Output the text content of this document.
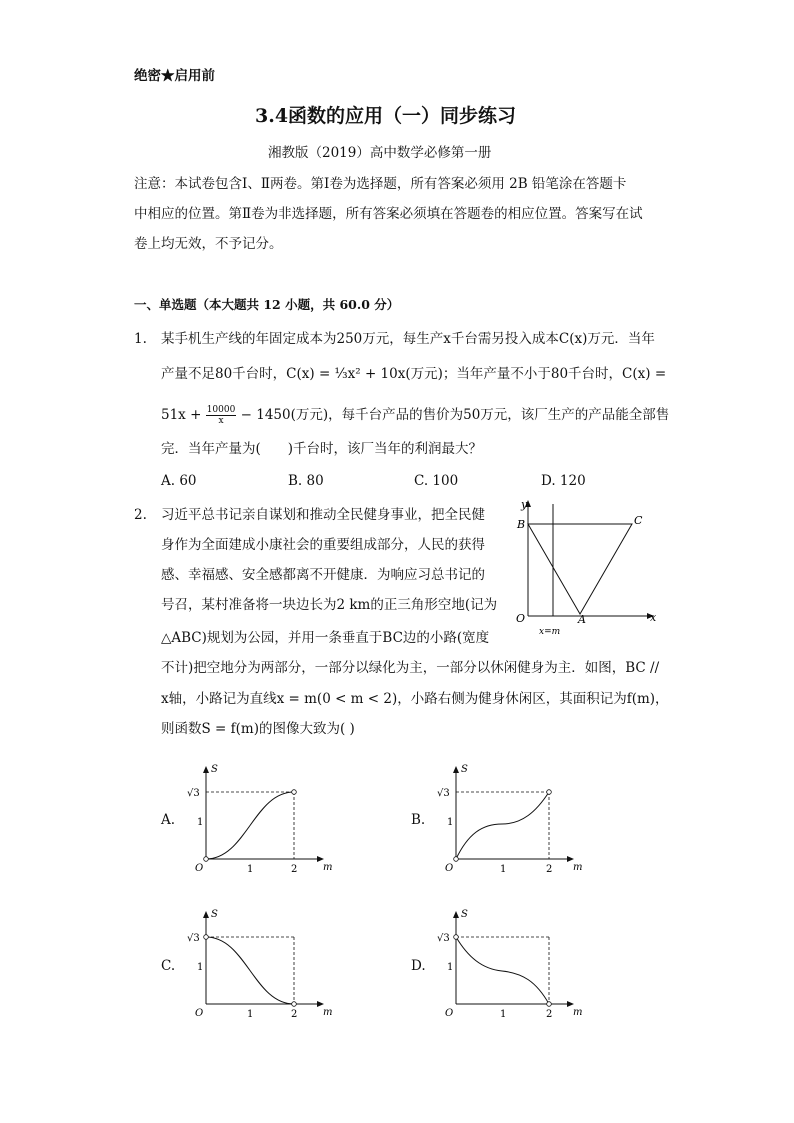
绝密★启用前
3.4函数的应用（一）同步练习
湘教版（2019）高中数学必修第一册
注意：本试卷包含Ⅰ、Ⅱ两卷。第Ⅰ卷为选择题，所有答案必须用 2B 铅笔涂在答题卡
中相应的位置。第Ⅱ卷为非选择题，所有答案必须填在答题卷的相应位置。答案写在试
卷上均无效，不予记分。
一、单选题（本大题共 12 小题，共 60.0 分）
1. 某手机生产线的年固定成本为250万元，每生产x千台需另投入成本C(x)万元．当年
产量不足80千台时，C(x) = ⅓x² + 10x(万元)；当年产量不小于80千台时，C(x) =
$51x + \frac{10000}{x} - 1450$(万元)，每千台产品的售价为50万元，该厂生产的产品能全部售
完．当年产量为(　　)千台时，该厂当年的利润最大？
A. 60	B. 80	C. 100	D. 120
2. 习近平总书记亲自谋划和推动全民健身事业，把全民健
身作为全面建成小康社会的重要组成部分，人民的获得
感、幸福感、安全感都离不开健康．为响应习总书记的
号召，某村准备将一块边长为2 km的正三角形空地(记为
△ABC)规划为公园，并用一条垂直于BC边的小路(宽度
不计)把空地分为两部分，一部分以绿化为主，一部分以休闲健身为主．如图，BC //
x轴，小路记为直线x = m(0 < m < 2)，小路右侧为健身休闲区，其面积记为f(m)，
则函数S = f(m)的图像大致为( )
y
x
B	C
O	A
x=m
A.	B.
C.	D.
S
m
O	1	2
1
√3
S
m
O	1	2
1
√3
S
m
O	1	2
1
√3
S
m
O	1	2
1
√3
